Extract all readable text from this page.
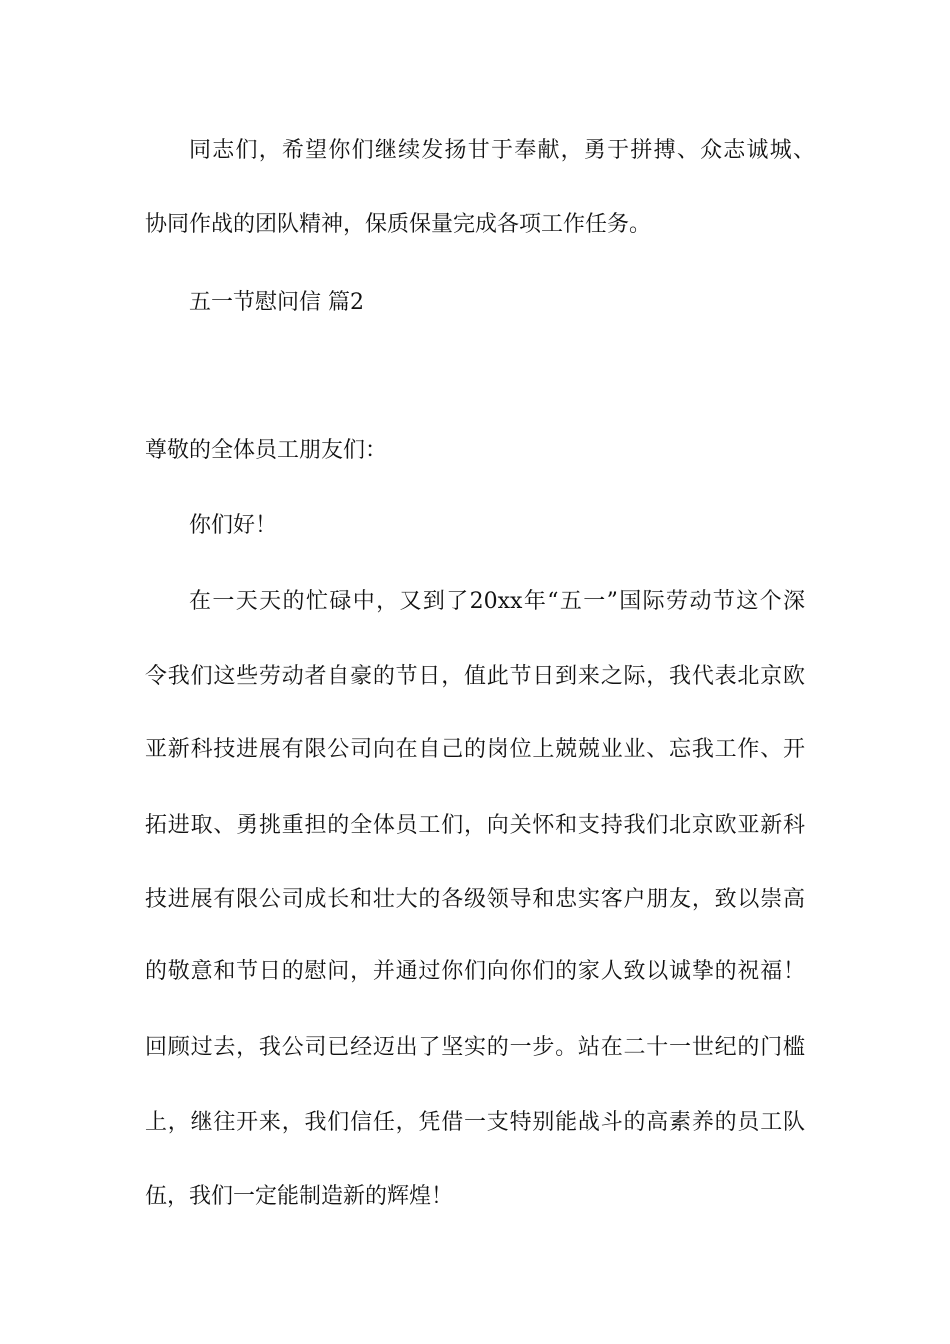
同志们，希望你们继续发扬甘于奉献，勇于拼搏、众志诚城、
协同作战的团队精神，保质保量完成各项工作任务。
五一节慰问信 篇2
尊敬的全体员工朋友们：
你们好！
在一天天的忙碌中，又到了20xx年“五一”国际劳动节这个深
令我们这些劳动者自豪的节日，值此节日到来之际，我代表北京欧
亚新科技进展有限公司向在自己的岗位上兢兢业业、忘我工作、开
拓进取、勇挑重担的全体员工们，向关怀和支持我们北京欧亚新科
技进展有限公司成长和壮大的各级领导和忠实客户朋友，致以崇高
的敬意和节日的慰问，并通过你们向你们的家人致以诚挚的祝福！
回顾过去，我公司已经迈出了坚实的一步。站在二十一世纪的门槛
上，继往开来，我们信任，凭借一支特别能战斗的高素养的员工队
伍，我们一定能制造新的辉煌！
